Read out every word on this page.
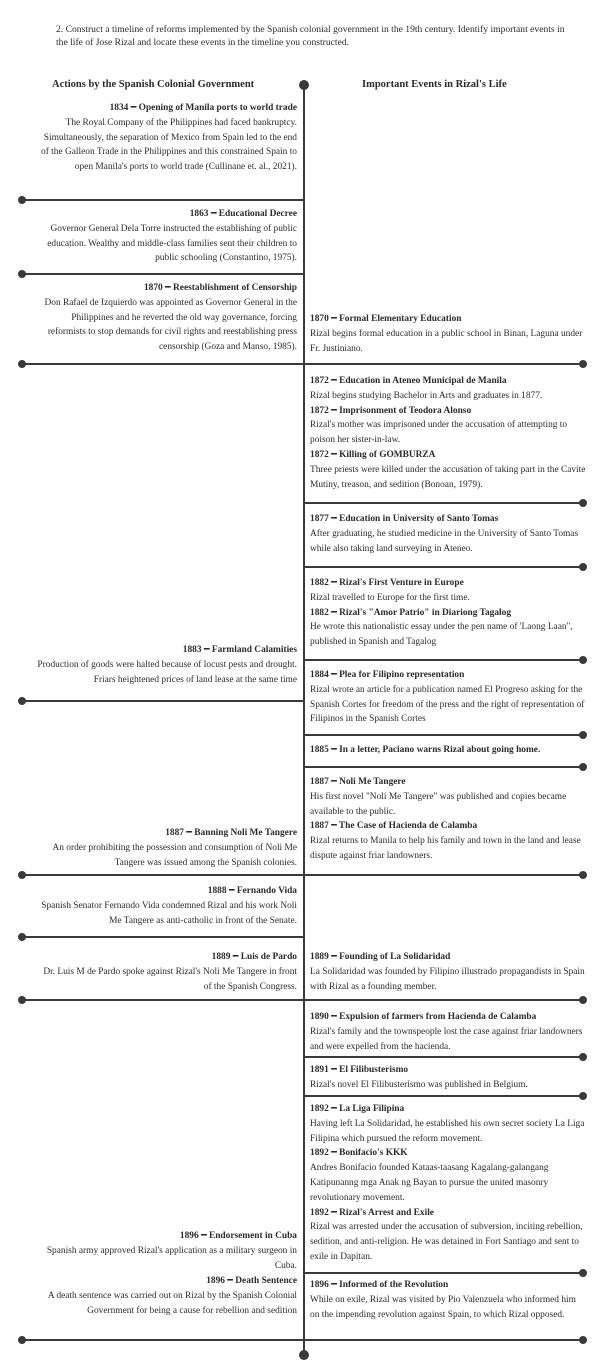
2. Construct a timeline of reforms implemented by the Spanish colonial government in the 19th century. Identify important events in the life of Jose Rizal and locate these events in the timeline you constructed.
Actions by the Spanish Colonial Government	Important Events in Rizal's Life
1834 ━ Opening of Manila ports to world trade
The Royal Company of the Philippines had faced bankruptcy. Simultaneously, the separation of Mexico from Spain led to the end of the Galleon Trade in the Philippines and this constrained Spain to open Manila's ports to world trade (Cullinane et. al., 2021).
1863 ━ Educational Decree
Governor General Dela Torre instructed the establishing of public education. Wealthy and middle-class families sent their children to public schooling (Constantino, 1975).
1870 ━ Reestablishment of Censorship
Don Rafael de Izquierdo was appointed as Governor General in the Philippines and he reverted the old way governance, forcing reformists to stop demands for civil rights and reestablishing press censorship (Goza and Manso, 1985).
1883 ━ Farmland Calamities
Production of goods were halted because of locust pests and drought. Friars heightened prices of land lease at the same time
1887 ━ Banning Noli Me Tangere
An order prohibiting the possession and consumption of Noli Me Tangere was issued among the Spanish colonies.
1888 ━ Fernando Vida
Spanish Senator Fernando Vida condemned Rizal and his work Noli Me Tangere as anti-catholic in front of the Senate.
1889 ━ Luis de Pardo
Dr. Luis M de Pardo spoke against Rizal's Noli Me Tangere in front of the Spanish Congress.
1896 ━ Endorsement in Cuba
Spanish army approved Rizal's application as a military surgeon in Cuba.
1896 ━ Death Sentence
A death sentence was carried out on Rizal by the Spanish Colonial Government for being a cause for rebellion and sedition
1870 ━ Formal Elementary Education
Rizal begins formal education in a public school in Binan, Laguna under Fr. Justiniano.
1872 ━ Education in Ateneo Municipal de Manila
Rizal begins studying Bachelor in Arts and graduates in 1877.
1872 ━ Imprisonment of Teodora Alonso
Rizal's mother was imprisoned under the accusation of attempting to poison her sister-in-law.
1872 ━ Killing of GOMBURZA
Three priests were killed under the accusation of taking part in the Cavite Mutiny, treason, and sedition (Bonoan, 1979).
1877 ━ Education in University of Santo Tomas
After graduating, he studied medicine in the University of Santo Tomas while also taking land surveying in Ateneo.
1882 ━ Rizal's First Venture in Europe
Rizal travelled to Europe for the first time.
1882 ━ Rizal's "Amor Patrio" in Diariong Tagalog
He wrote this nationalistic essay under the pen name of 'Laong Laan", published in Spanish and Tagalog
1884 ━ Plea for Filipino representation
Rizal wrote an article for a publication named El Progreso asking for the Spanish Cortes for freedom of the press and the right of representation of Filipinos in the Spanish Cortes
1885 ━ In a letter, Paciano warns Rizal about going home.
1887 ━ Noli Me Tangere
His first novel "Noli Me Tangere" was published and copies became available to the public.
1887 ━ The Case of Hacienda de Calamba
Rizal returns to Manila to help his family and town in the land and lease dispute against friar landowners.
1889 ━ Founding of La Solidaridad
La Solidaridad was founded by Filipino illustrado propagandists in Spain with Rizal as a founding member.
1890 ━ Expulsion of farmers from Hacienda de Calamba
Rizal's family and the townspeople lost the case against friar landowners and were expelled from the hacienda.
1891 ━ El Filibusterismo
Rizal's novel El Filibusterismo was published in Belgium.
1892 ━ La Liga Filipina
Having left La Solidaridad, he established his own secret society La Liga Filipina which pursued the reform movement.
1892 ━ Bonifacio's KKK
Andres Bonifacio founded Kataas-taasang Kagalang-galangang Katipunanng mga Anak ng Bayan to pursue the united masonry revolutionary movement.
1892 ━ Rizal's Arrest and Exile
Rizal was arrested under the accusation of subversion, inciting rebellion, sedition, and anti-religion. He was detained in Fort Santiago and sent to exile in Dapitan.
1896 ━ Informed of the Revolution
While on exile, Rizal was visited by Pio Valenzuela who informed him on the impending revolution against Spain, to which Rizal opposed.
